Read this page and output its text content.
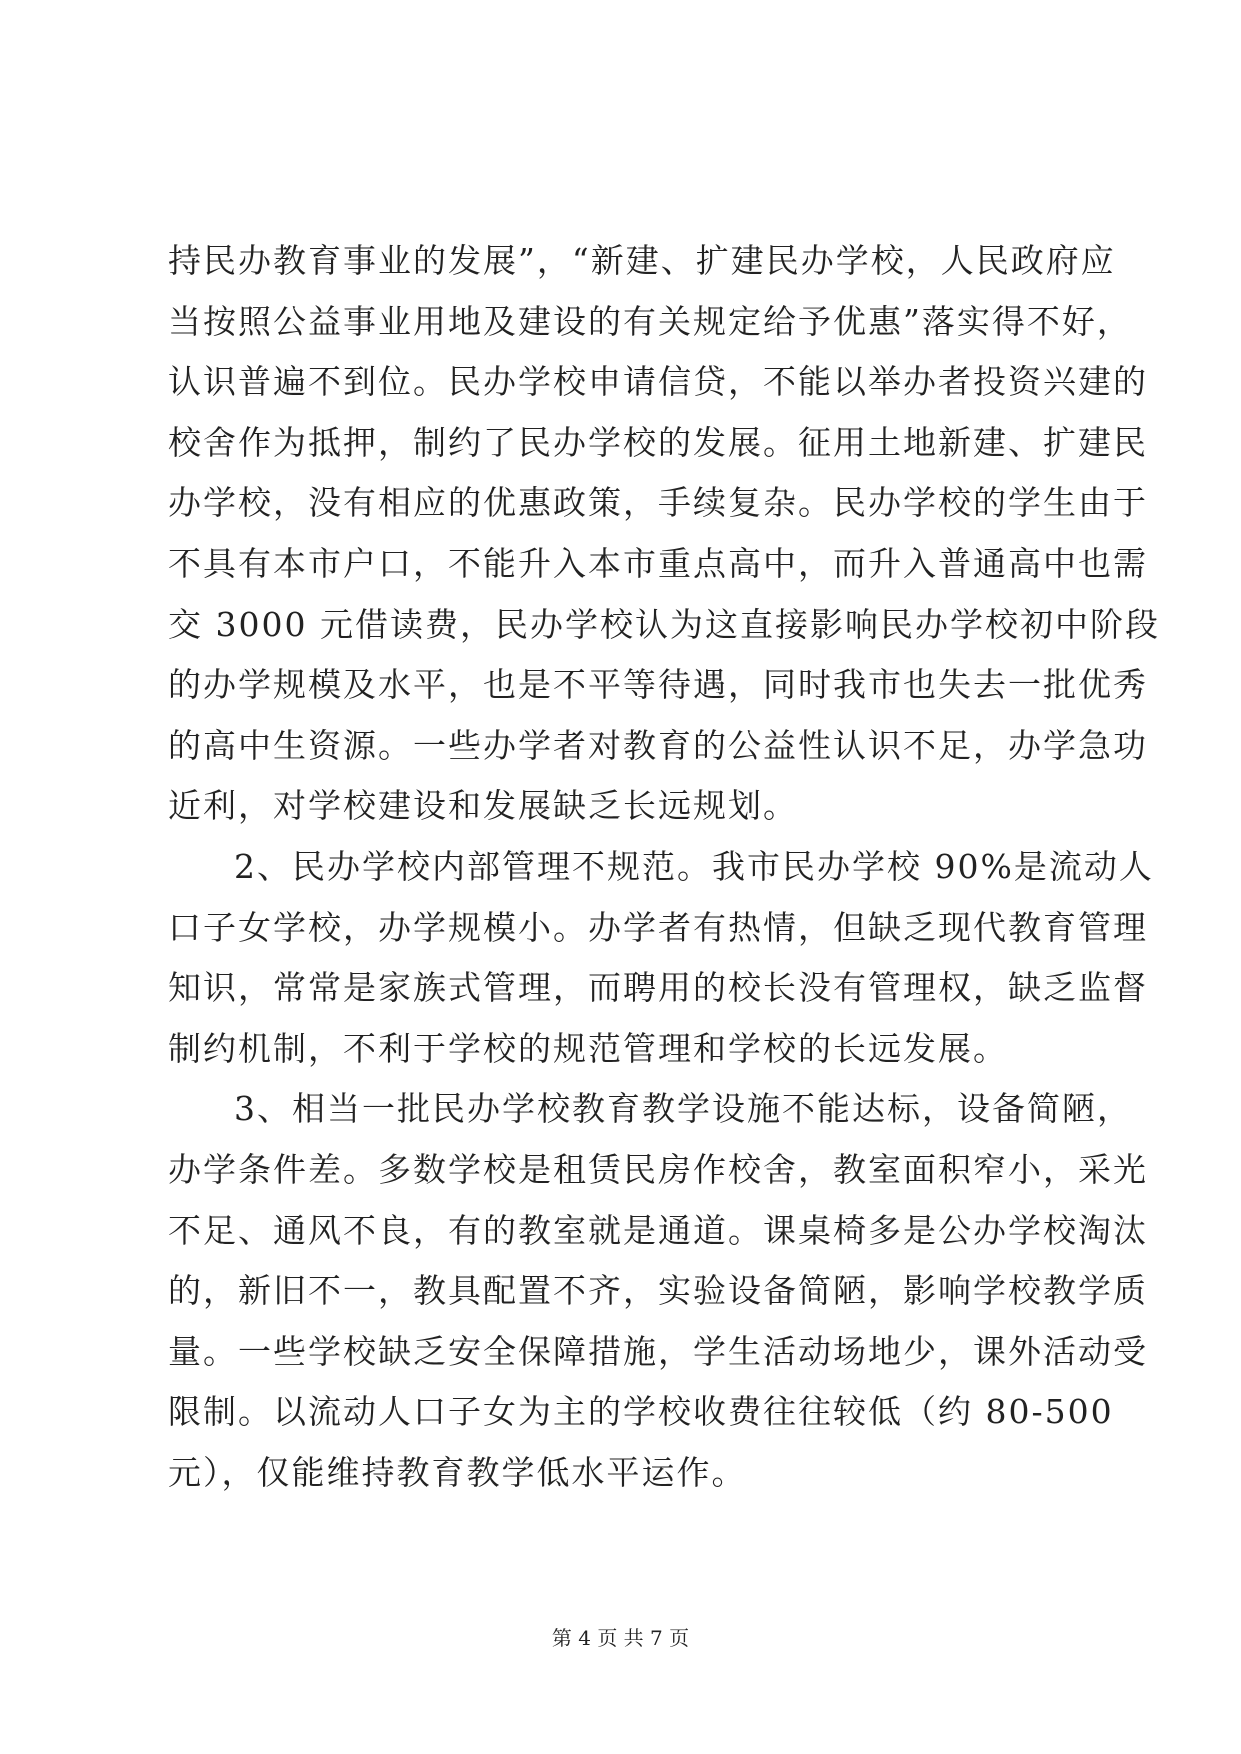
持民办教育事业的发展”，“新建、扩建民办学校，人民政府应
当按照公益事业用地及建设的有关规定给予优惠”落实得不好，
认识普遍不到位。民办学校申请信贷，不能以举办者投资兴建的
校舍作为抵押，制约了民办学校的发展。征用土地新建、扩建民
办学校，没有相应的优惠政策，手续复杂。民办学校的学生由于
不具有本市户口，不能升入本市重点高中，而升入普通高中也需
交 3000 元借读费，民办学校认为这直接影响民办学校初中阶段
的办学规模及水平，也是不平等待遇，同时我市也失去一批优秀
的高中生资源。一些办学者对教育的公益性认识不足，办学急功
近利，对学校建设和发展缺乏长远规划。
2、民办学校内部管理不规范。我市民办学校 90%是流动人
口子女学校，办学规模小。办学者有热情，但缺乏现代教育管理
知识，常常是家族式管理，而聘用的校长没有管理权，缺乏监督
制约机制，不利于学校的规范管理和学校的长远发展。
3、相当一批民办学校教育教学设施不能达标，设备简陋，
办学条件差。多数学校是租赁民房作校舍，教室面积窄小，采光
不足、通风不良，有的教室就是通道。课桌椅多是公办学校淘汰
的，新旧不一，教具配置不齐，实验设备简陋，影响学校教学质
量。一些学校缺乏安全保障措施，学生活动场地少，课外活动受
限制。以流动人口子女为主的学校收费往往较低（约 80-500
元），仅能维持教育教学低水平运作。
第 4 页 共 7 页
